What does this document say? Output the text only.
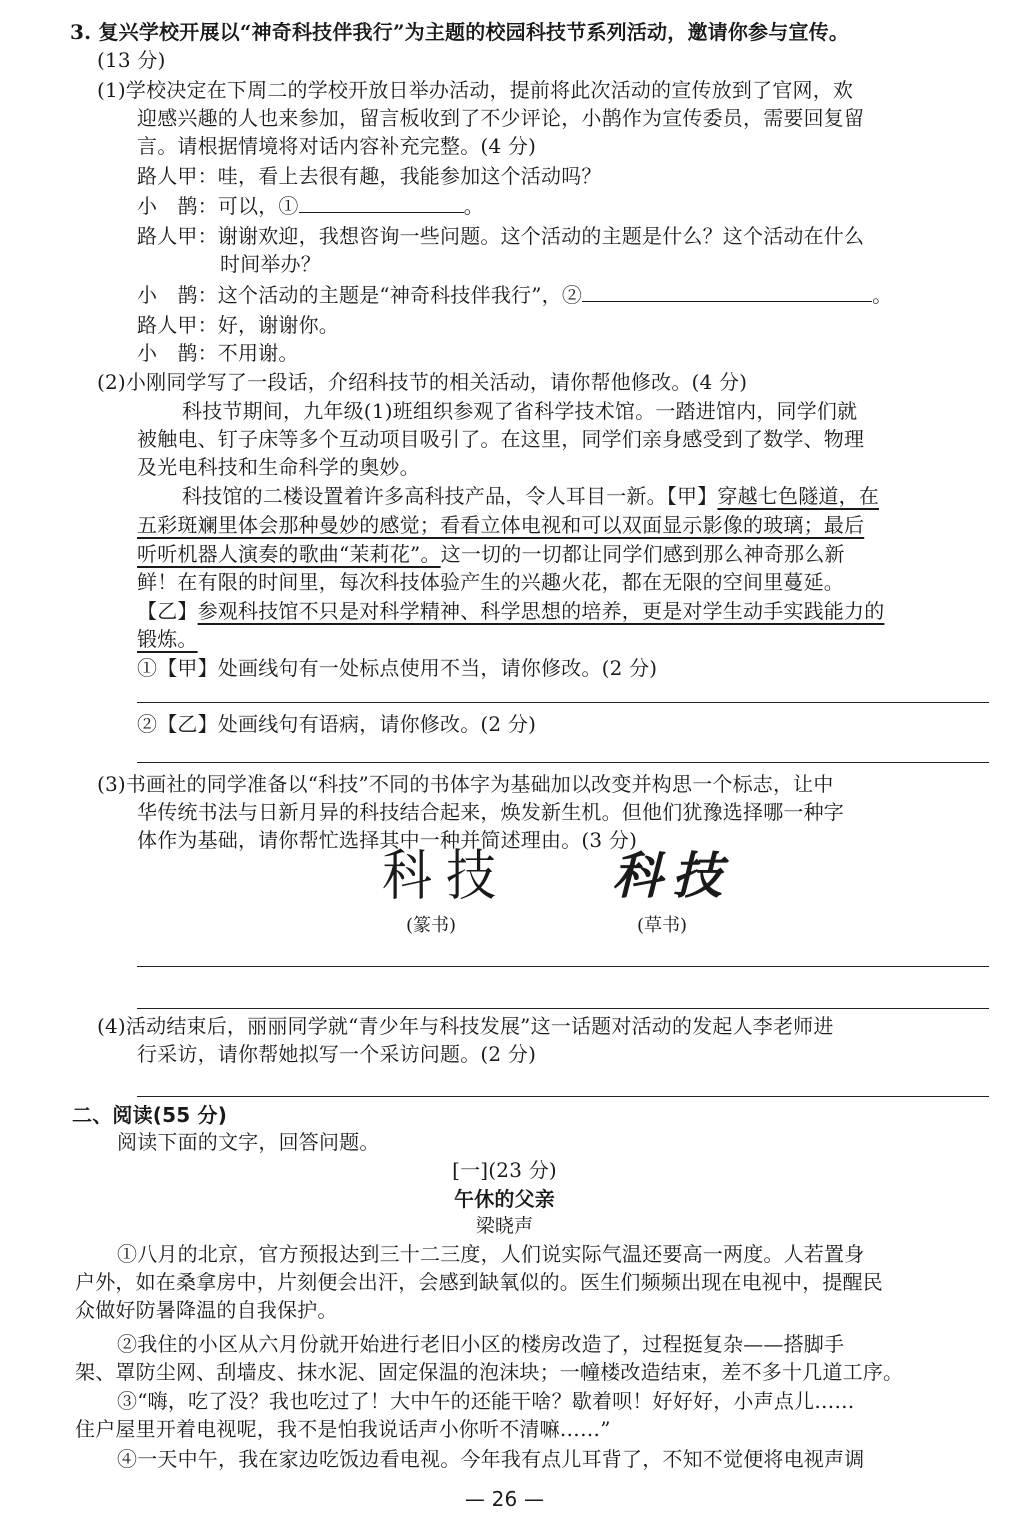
3. 复兴学校开展以“神奇科技伴我行”为主题的校园科技节系列活动，邀请你参与宣传。
(13 分)
(1)学校决定在下周二的学校开放日举办活动，提前将此次活动的宣传放到了官网，欢
迎感兴趣的人也来参加，留言板收到了不少评论，小鹊作为宣传委员，需要回复留
言。请根据情境将对话内容补充完整。(4 分)
路人甲：哇，看上去很有趣，我能参加这个活动吗？
小　鹊：可以，①	。
路人甲：谢谢欢迎，我想咨询一些问题。这个活动的主题是什么？这个活动在什么
时间举办？
小　鹊：这个活动的主题是“神奇科技伴我行”，②	。
路人甲：好，谢谢你。
小　鹊：不用谢。
(2)小刚同学写了一段话，介绍科技节的相关活动，请你帮他修改。(4 分)
科技节期间，九年级(1)班组织参观了省科学技术馆。一踏进馆内，同学们就
被触电、钉子床等多个互动项目吸引了。在这里，同学们亲身感受到了数学、物理
及光电科技和生命科学的奥妙。
科技馆的二楼设置着许多高科技产品，令人耳目一新。【甲】穿越七色隧道，在
五彩斑斓里体会那种曼妙的感觉；看看立体电视和可以双面显示影像的玻璃；最后
听听机器人演奏的歌曲“茉莉花”。这一切的一切都让同学们感到那么神奇那么新
鲜！在有限的时间里，每次科技体验产生的兴趣火花，都在无限的空间里蔓延。
【乙】参观科技馆不只是对科学精神、科学思想的培养，更是对学生动手实践能力的
锻炼。
①【甲】处画线句有一处标点使用不当，请你修改。(2 分)
②【乙】处画线句有语病，请你修改。(2 分)
(3)书画社的同学准备以“科技”不同的书体字为基础加以改变并构思一个标志，让中
华传统书法与日新月异的科技结合起来，焕发新生机。但他们犹豫选择哪一种字
体作为基础，请你帮忙选择其中一种并简述理由。(3 分)
科技
(篆书)
科技
(草书)
(4)活动结束后，丽丽同学就“青少年与科技发展”这一话题对活动的发起人李老师进
行采访，请你帮她拟写一个采访问题。(2 分)
二、阅读(55 分)
阅读下面的文字，回答问题。
[一](23 分)
午休的父亲
梁晓声
①八月的北京，官方预报达到三十二三度，人们说实际气温还要高一两度。人若置身
户外，如在桑拿房中，片刻便会出汗，会感到缺氧似的。医生们频频出现在电视中，提醒民
众做好防暑降温的自我保护。
②我住的小区从六月份就开始进行老旧小区的楼房改造了，过程挺复杂——搭脚手
架、罩防尘网、刮墙皮、抹水泥、固定保温的泡沫块；一幢楼改造结束，差不多十几道工序。
③“嗨，吃了没？我也吃过了！大中午的还能干啥？歇着呗！好好好，小声点儿……
住户屋里开着电视呢，我不是怕我说话声小你听不清嘛……”
④一天中午，我在家边吃饭边看电视。今年我有点儿耳背了，不知不觉便将电视声调
— 26 —
